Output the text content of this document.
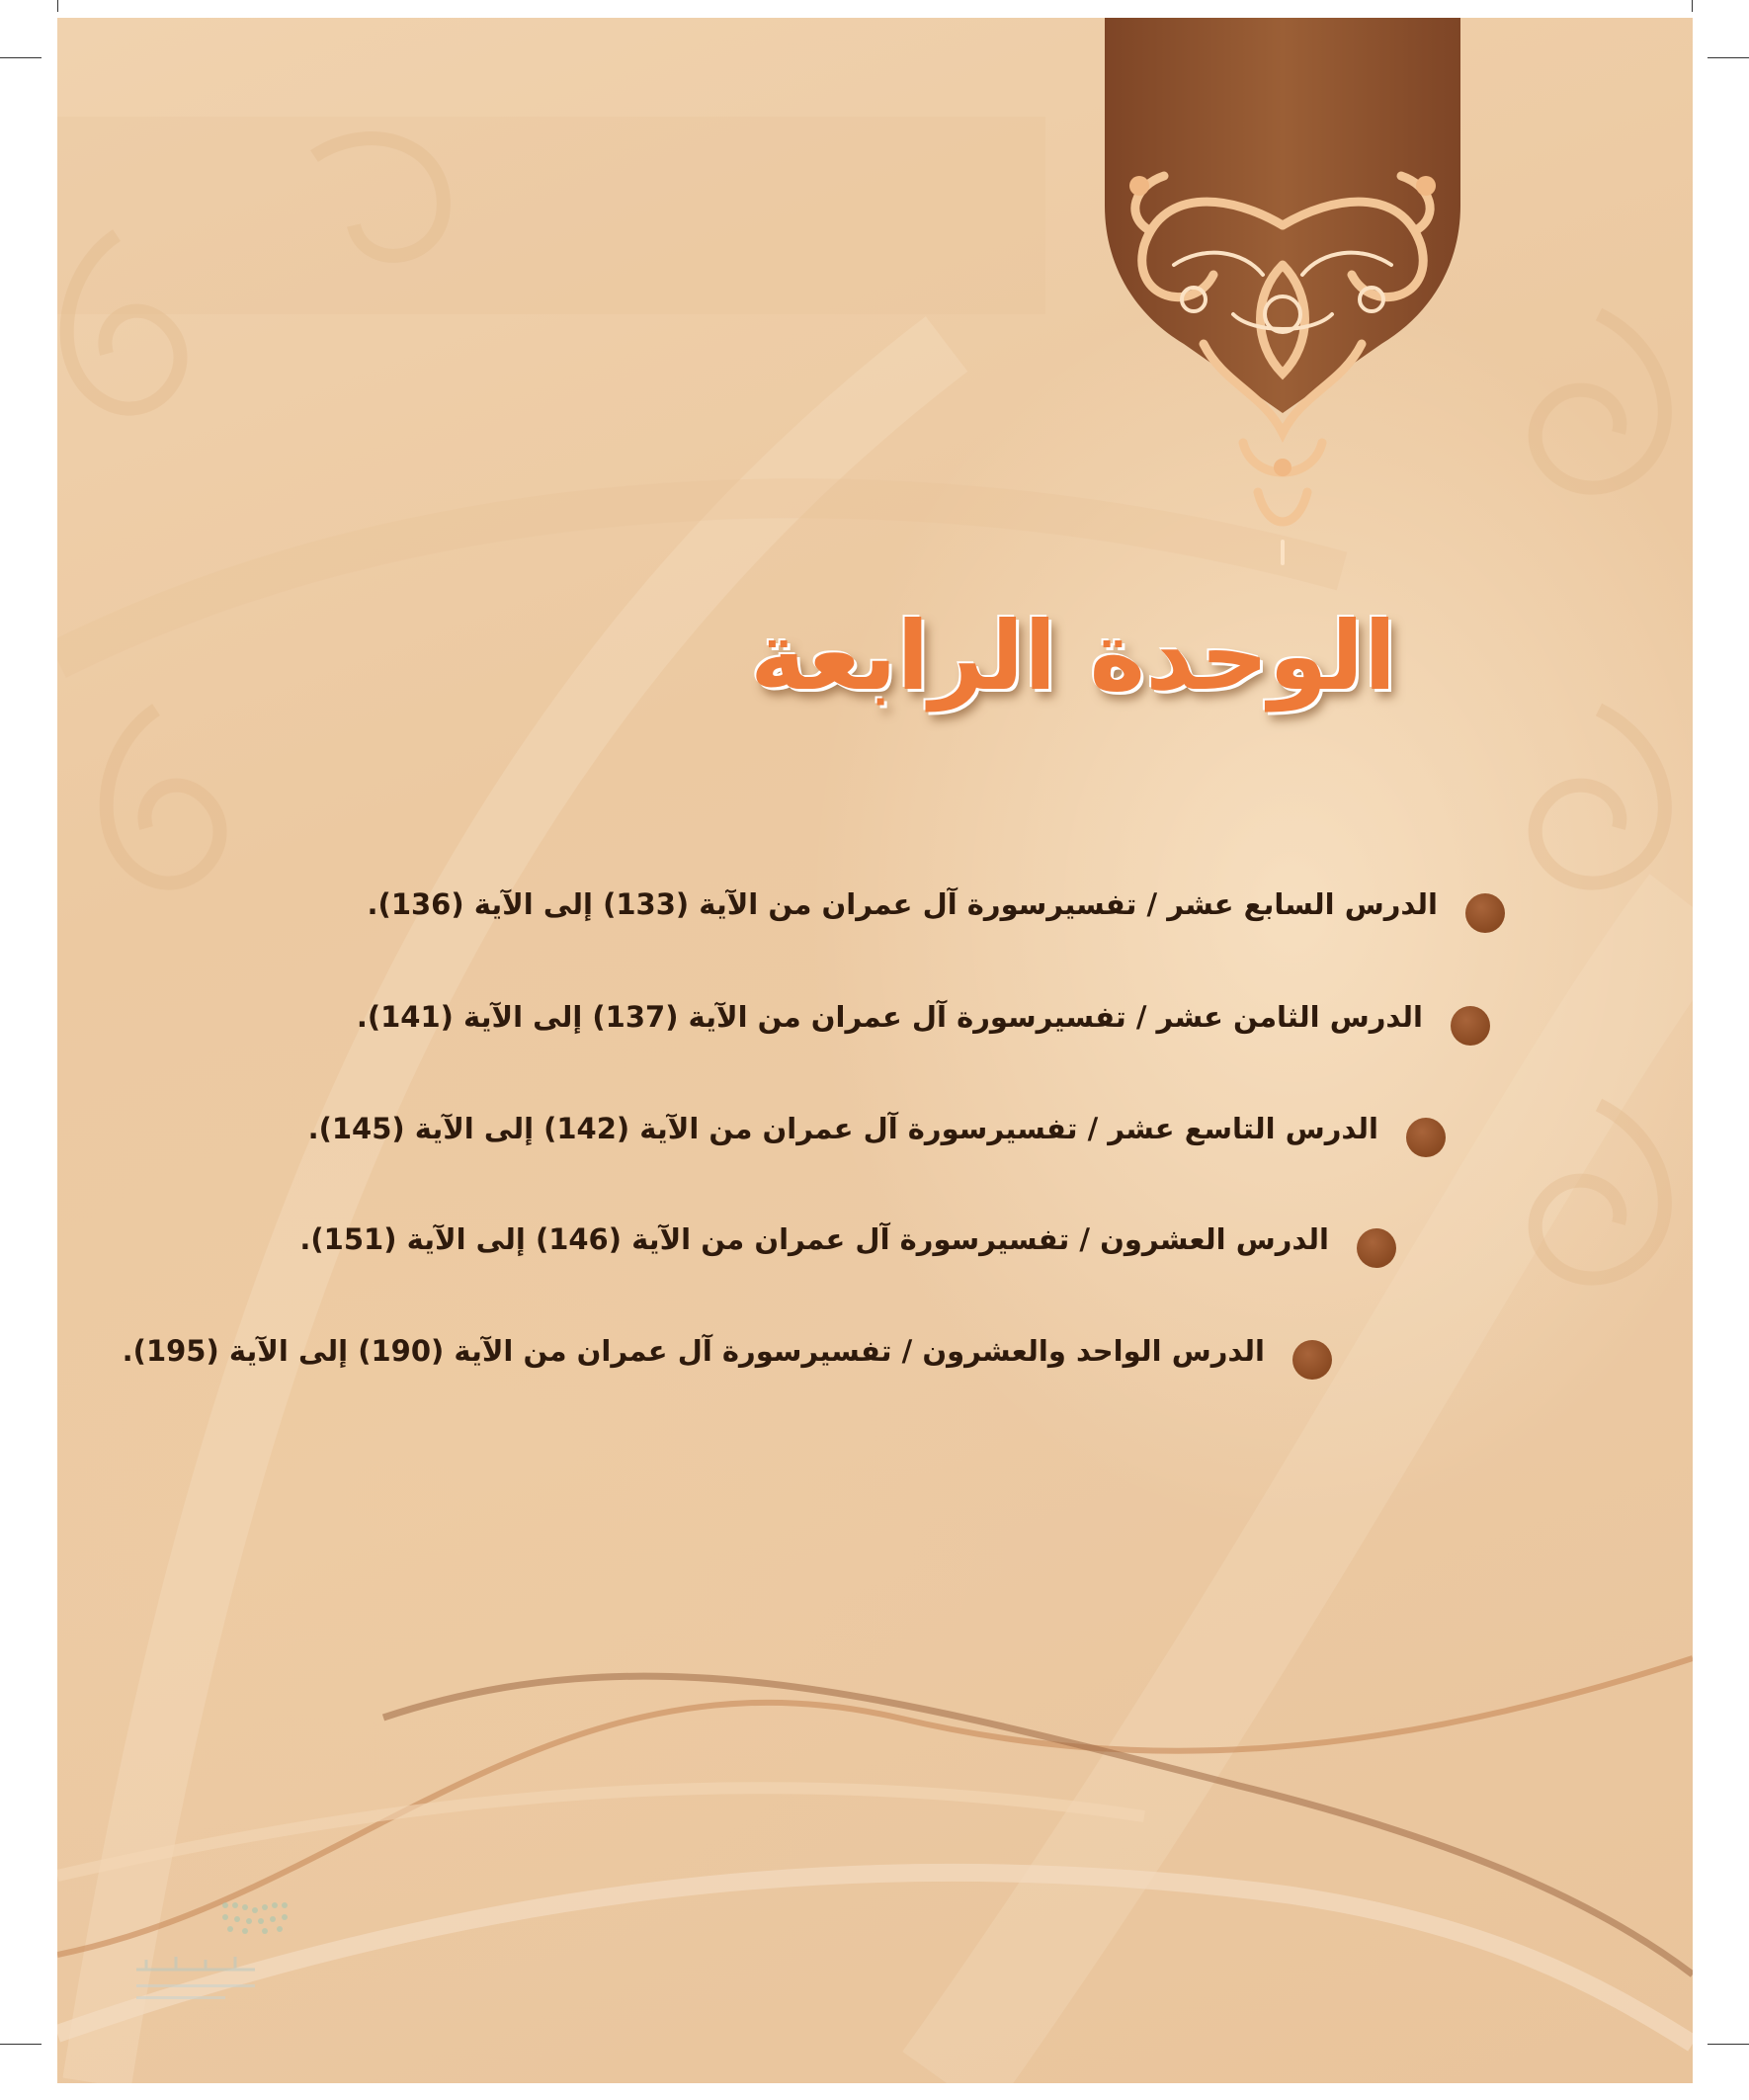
الوحدة الرابعة
الدرس السابع عشر / تفسيرسورة آل عمران من الآية (133) إلى الآية (136).
الدرس الثامن عشر / تفسيرسورة آل عمران من الآية (137) إلى الآية (141).
الدرس التاسع عشر / تفسيرسورة آل عمران من الآية (142) إلى الآية (145).
الدرس العشرون / تفسيرسورة آل عمران من الآية (146) إلى الآية (151).
الدرس الواحد والعشرون / تفسيرسورة آل عمران من الآية (190) إلى الآية (195).
